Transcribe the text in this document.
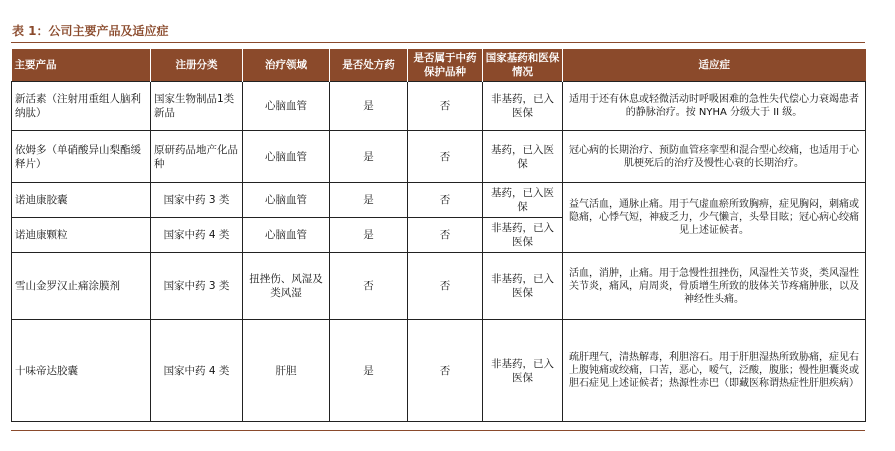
表 1：公司主要产品及适应症
主要产品	注册分类	治疗领域	是否处方药	是否属于中药保护品种	国家基药和医保情况	适应症
新活素（注射用重组人脑利纳肽）	国家生物制品1类新品	心脑血管	是	否	非基药，已入医保	适用于还有休息或轻微活动时呼吸困难的急性失代偿心力衰竭患者的静脉治疗。按 NYHA 分级大于 II 级。
依姆多（单硝酸异山梨酯缓释片）	原研药品地产化品种	心脑血管	是	否	基药，已入医保	冠心病的长期治疗、预防血管痉挛型和混合型心绞痛，也适用于心肌梗死后的治疗及慢性心衰的长期治疗。
诺迪康胶囊	国家中药 3 类	心脑血管	是	否	基药，已入医保	益气活血，通脉止痛。用于气虚血瘀所致胸痹，症见胸闷，刺痛或隐痛，心悸气短，神疲乏力，少气懒言，头晕目眩；冠心病心绞痛见上述证候者。
诺迪康颗粒	国家中药 4 类	心脑血管	是	否	非基药，已入医保	
雪山金罗汉止痛涂膜剂	国家中药 3 类	扭挫伤、风湿及类风湿	否	否	非基药，已入医保	活血，消肿，止痛。用于急慢性扭挫伤，风湿性关节炎，类风湿性关节炎，痛风，肩周炎，骨质增生所致的肢体关节疼痛肿胀，以及神经性头痛。
十味帝达胶囊	国家中药 4 类	肝胆	是	否	非基药，已入医保	疏肝理气，清热解毒，利胆溶石。用于肝胆湿热所致胁痛，症见右上腹钝痛或绞痛，口苦，恶心，嗳气，泛酸，腹胀；慢性胆囊炎或胆石症见上述证候者；热源性赤巴（即藏医称谓热症性肝胆疾病）
